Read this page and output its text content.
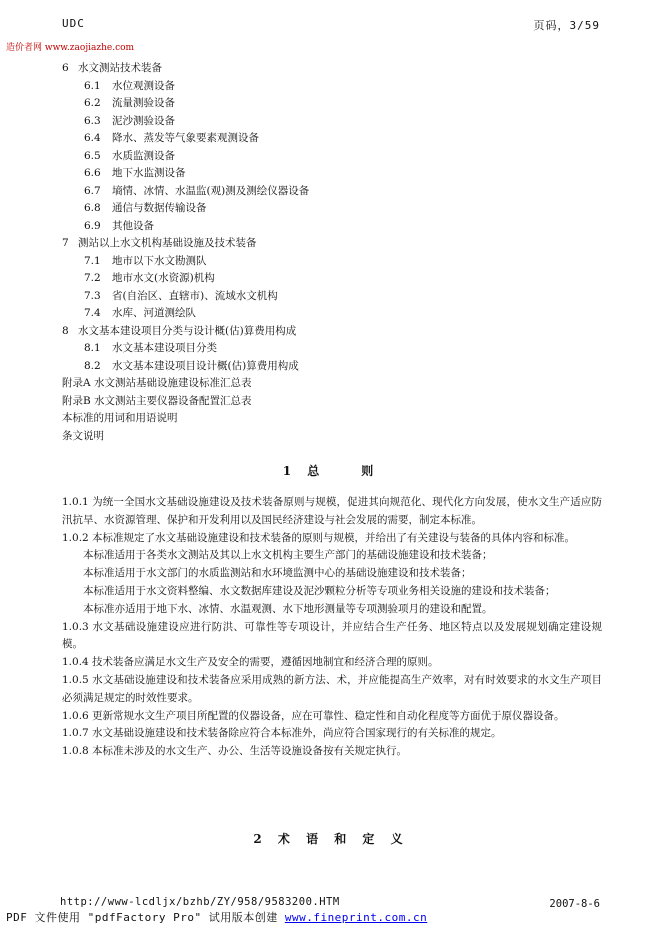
UDC	页码，3/59
造价者网 www.zaojiazhe.com
6 水文测站技术装备
6.1 水位观测设备
6.2 流量测验设备
6.3 泥沙测验设备
6.4 降水、蒸发等气象要素观测设备
6.5 水质监测设备
6.6 地下水监测设备
6.7 墒情、冰情、水温监(观)测及测绘仪器设备
6.8 通信与数据传输设备
6.9 其他设备
7 测站以上水文机构基础设施及技术装备
7.1 地市以下水文勘测队
7.2 地市水文(水资源)机构
7.3 省(自治区、直辖市)、流域水文机构
7.4 水库、河道测绘队
8 水文基本建设项目分类与设计概(估)算费用构成
8.1 水文基本建设项目分类
8.2 水文基本建设项目设计概(估)算费用构成
附录A 水文测站基础设施建设标准汇总表
附录B 水文测站主要仪器设备配置汇总表
本标准的用词和用语说明
条文说明
1 总　　则

1.0.1 为统一全国水文基础设施建设及技术装备原则与规模，促进其向规范化、现代化方向发展，使水文生产适应防汛抗旱、水资源管理、保护和开发利用以及国民经济建设与社会发展的需要，制定本标准。

1.0.2 本标准规定了水文基础设施建设和技术装备的原则与规模，并给出了有关建设与装备的具体内容和标准。

本标准适用于各类水文测站及其以上水文机构主要生产部门的基础设施建设和技术装备；

本标准适用于水文部门的水质监测站和水环境监测中心的基础设施建设和技术装备；

本标准适用于水文资料整编、水文数据库建设及泥沙颗粒分析等专项业务相关设施的建设和技术装备；

本标准亦适用于地下水、冰情、水温观测、水下地形测量等专项测验项月的建设和配置。

1.0.3 水文基础设施建设应进行防洪、可靠性等专项设计，并应结合生产任务、地区特点以及发展规划确定建设规模。

1.0.4 技术装备应满足水文生产及安全的需要，遵循因地制宜和经济合理的原则。

1.0.5 水文基础设施建设和技术装备应采用成熟的新方法、术，并应能提高生产效率，对有时效要求的水文生产项目必须满足规定的时效性要求。

1.0.6 更新常规水文生产项目所配置的仪器设备，应在可靠性、稳定性和自动化程度等方面优于原仪器设备。

1.0.7 水文基础设施建设和技术装备除应符合本标准外，尚应符合国家现行的有关标准的规定。

1.0.8 本标准未涉及的水文生产、办公、生活等设施设备按有关规定执行。

2 术 语 和 定 义
http://www-lcdljx/bzhb/ZY/958/9583200.HTM	2007-8-6
PDF 文件使用 "pdfFactory Pro" 试用版本创建 www.fineprint.com.cn
